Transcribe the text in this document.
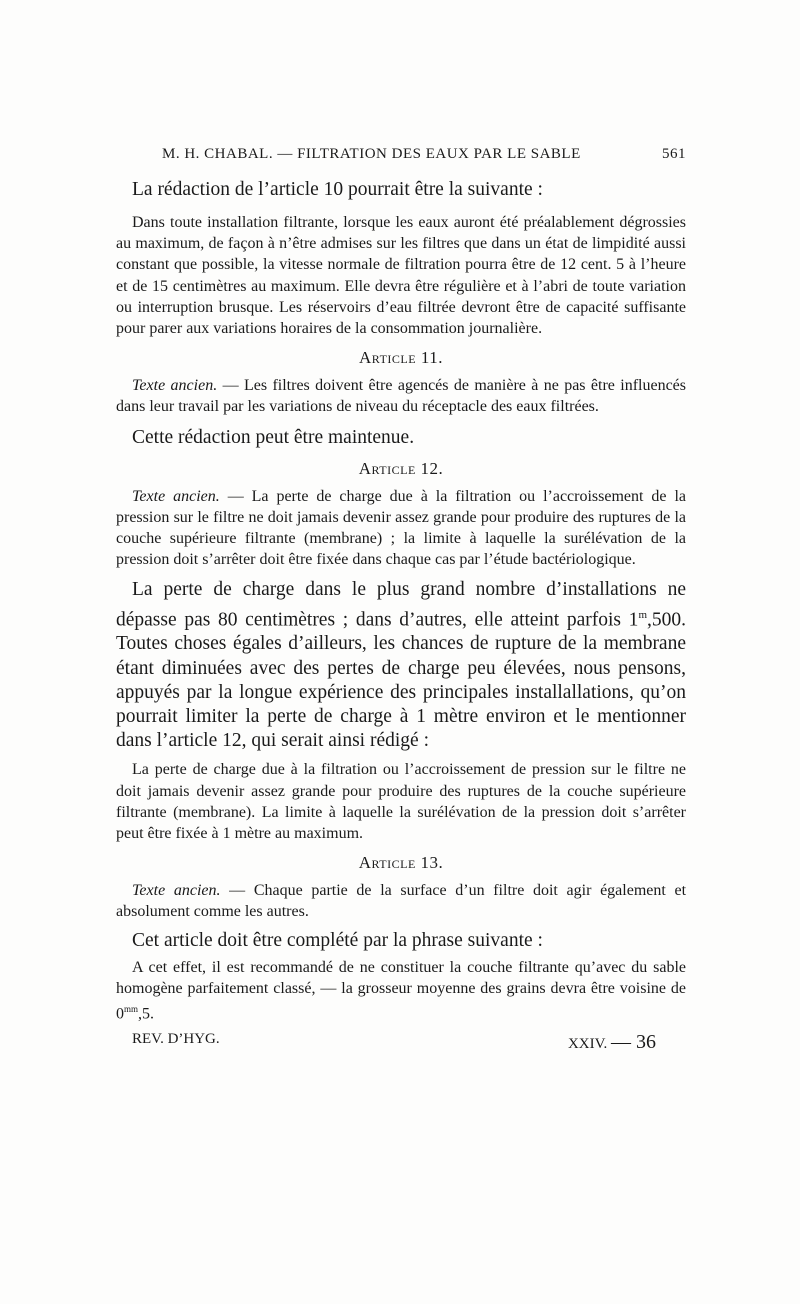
M. H. CHABAL. — FILTRATION DES EAUX PAR LE SABLE	561

La rédaction de l’article 10 pourrait être la suivante :

Dans toute installation filtrante, lorsque les eaux auront été préalablement dégrossies au maximum, de façon à n’être admises sur les filtres que dans un état de limpidité aussi constant que possible, la vitesse normale de filtration pourra être de 12 cent. 5 à l’heure et de 15 centimètres au maximum. Elle devra être régulière et à l’abri de toute variation ou interruption brusque. Les réservoirs d’eau filtrée devront être de capacité suffisante pour parer aux variations horaires de la consommation journalière.

Article 11.

Texte ancien. — Les filtres doivent être agencés de manière à ne pas être influencés dans leur travail par les variations de niveau du réceptacle des eaux filtrées.

Cette rédaction peut être maintenue.

Article 12.

Texte ancien. — La perte de charge due à la filtration ou l’accroissement de la pression sur le filtre ne doit jamais devenir assez grande pour produire des ruptures de la couche supérieure filtrante (membrane) ; la limite à laquelle la surélévation de la pression doit s’arrêter doit être fixée dans chaque cas par l’étude bactériologique.

La perte de charge dans le plus grand nombre d’installations ne dépasse pas 80 centimètres ; dans d’autres, elle atteint parfois 1$^m$,500. Toutes choses égales d’ailleurs, les chances de rupture de la membrane étant diminuées avec des pertes de charge peu élevées, nous pensons, appuyés par la longue expérience des principales installallations, qu’on pourrait limiter la perte de charge à 1 mètre environ et le mentionner dans l’article 12, qui serait ainsi rédigé :

La perte de charge due à la filtration ou l’accroissement de pression sur le filtre ne doit jamais devenir assez grande pour produire des ruptures de la couche supérieure filtrante (membrane). La limite à laquelle la surélévation de la pression doit s’arrêter peut être fixée à 1 mètre au maximum.

Article 13.

Texte ancien. — Chaque partie de la surface d’un filtre doit agir également et absolument comme les autres.

Cet article doit être complété par la phrase suivante :

A cet effet, il est recommandé de ne constituer la couche filtrante qu’avec du sable homogène parfaitement classé, — la grosseur moyenne des grains devra être voisine de $0^{mm},5$.

REV. D’HYG.	XXIV. — 36
